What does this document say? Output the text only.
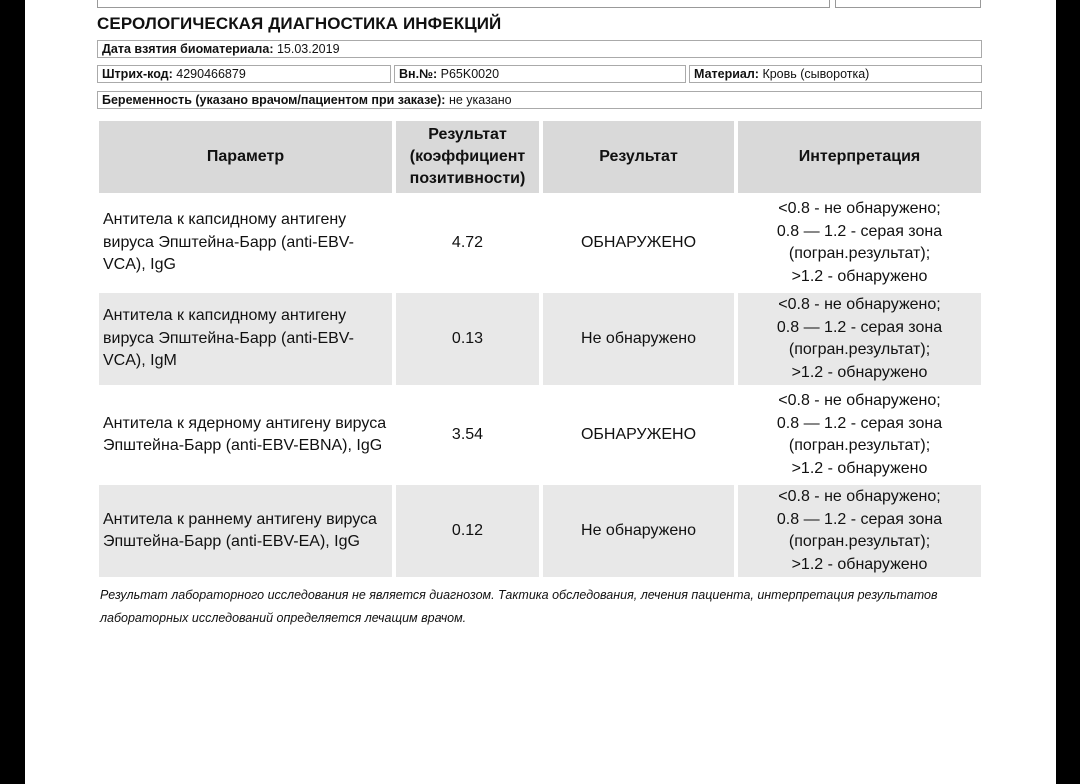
СЕРОЛОГИЧЕСКАЯ ДИАГНОСТИКА ИНФЕКЦИЙ
Дата взятия биоматериала: 15.03.2019
Штрих-код: 4290466879	Вн.№: P65K0020	Материал: Кровь (сыворотка)
Беременность (указано врачом/пациентом при заказе): не указано
Параметр	Результат (коэффициент позитивности)	Результат	Интерпретация
Антитела к капсидному антигену вируса Эпштейна-Барр (anti-EBV-VCA), IgG	4.72	ОБНАРУЖЕНО	<0.8 - не обнаружено;
0.8 — 1.2 - серая зона
(погран.результат);
>1.2 - обнаружено

Антитела к капсидному антигену вируса Эпштейна-Барр (anti-EBV-VCA), IgM	0.13	Не обнаружено	<0.8 - не обнаружено;
0.8 — 1.2 - серая зона
(погран.результат);
>1.2 - обнаружено

Антитела к ядерному антигену вируса Эпштейна-Барр (anti-EBV-EBNA), IgG	3.54	ОБНАРУЖЕНО	<0.8 - не обнаружено;
0.8 — 1.2 - серая зона
(погран.результат);
>1.2 - обнаружено

Антитела к раннему антигену вируса Эпштейна-Барр (anti-EBV-EA), IgG	0.12	Не обнаружено	<0.8 - не обнаружено;
0.8 — 1.2 - серая зона
(погран.результат);
>1.2 - обнаружено
Результат лабораторного исследования не является диагнозом. Тактика обследования, лечения пациента, интерпретация результатов лабораторных исследований определяется лечащим врачом.
